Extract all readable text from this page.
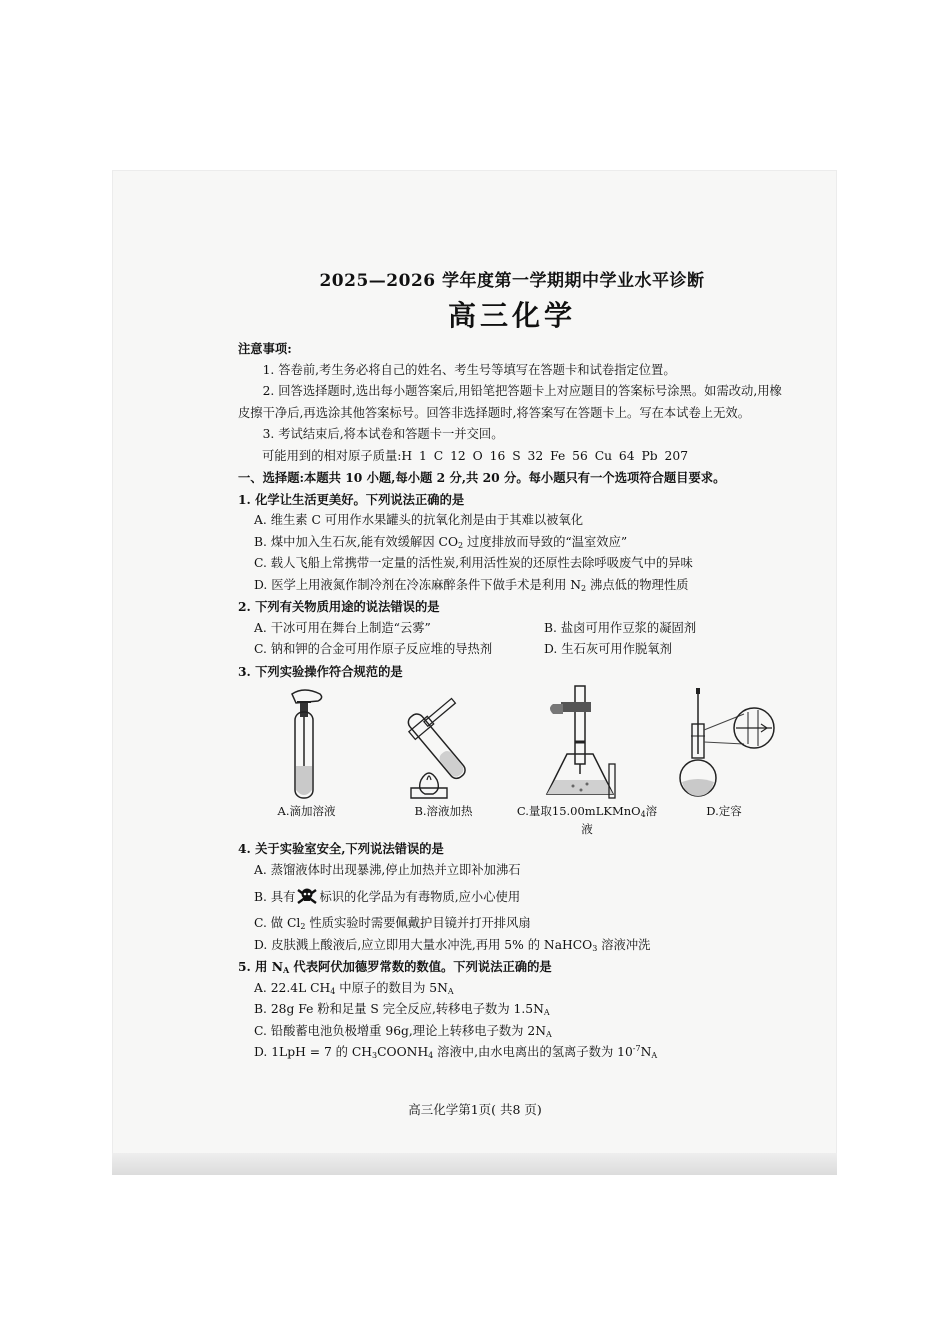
2025—2026 学年度第一学期期中学业水平诊断
高三化学
注意事项:
1. 答卷前,考生务必将自己的姓名、考生号等填写在答题卡和试卷指定位置。
2. 回答选择题时,选出每小题答案后,用铅笔把答题卡上对应题目的答案标号涂黑。如需改动,用橡皮擦干净后,再选涂其他答案标号。回答非选择题时,将答案写在答题卡上。写在本试卷上无效。
3. 考试结束后,将本试卷和答题卡一并交回。
可能用到的相对原子质量:H 1 C 12 O 16 S 32 Fe 56 Cu 64 Pb 207
一、选择题:本题共 10 小题,每小题 2 分,共 20 分。每小题只有一个选项符合题目要求。
1. 化学让生活更美好。下列说法正确的是
A. 维生素 C 可用作水果罐头的抗氧化剂是由于其难以被氧化
B. 煤中加入生石灰,能有效缓解因 $CO_2$ 过度排放而导致的“温室效应”
C. 载人飞船上常携带一定量的活性炭,利用活性炭的还原性去除呼吸废气中的异味
D. 医学上用液氮作制冷剂在冷冻麻醉条件下做手术是利用 $N_2$ 沸点低的物理性质
2. 下列有关物质用途的说法错误的是
A. 干冰可用在舞台上制造“云雾”	B. 盐卤可用作豆浆的凝固剂
C. 钠和钾的合金可用作原子反应堆的导热剂	D. 生石灰可用作脱氧剂
3. 下列实验操作符合规范的是
A.滴加溶液	B.溶液加热	C.量取15.00mLKMnO$_4$溶液
D.定容
4. 关于实验室安全,下列说法错误的是
A. 蒸馏液体时出现暴沸,停止加热并立即补加沸石
B. 具有 标识的化学品为有毒物质,应小心使用
C. 做 $Cl_2$ 性质实验时需要佩戴护目镜并打开排风扇
D. 皮肤溅上酸液后,应立即用大量水冲洗,再用 5% 的 NaHCO$_3$ 溶液冲洗
5. 用 $N_A$ 代表阿伏加德罗常数的数值。下列说法正确的是
A. 22.4L $CH_4$ 中原子的数目为 $5N_A$
B. 28g Fe 粉和足量 S 完全反应,转移电子数为 $1.5N_A$
C. 铅酸蓄电池负极增重 96g,理论上转移电子数为 $2N_A$
D. 1LpH = 7 的 $CH_3COONH_4$ 溶液中,由水电离出的氢离子数为 $10^{-7}N_A$
高三化学第1页( 共8 页)
